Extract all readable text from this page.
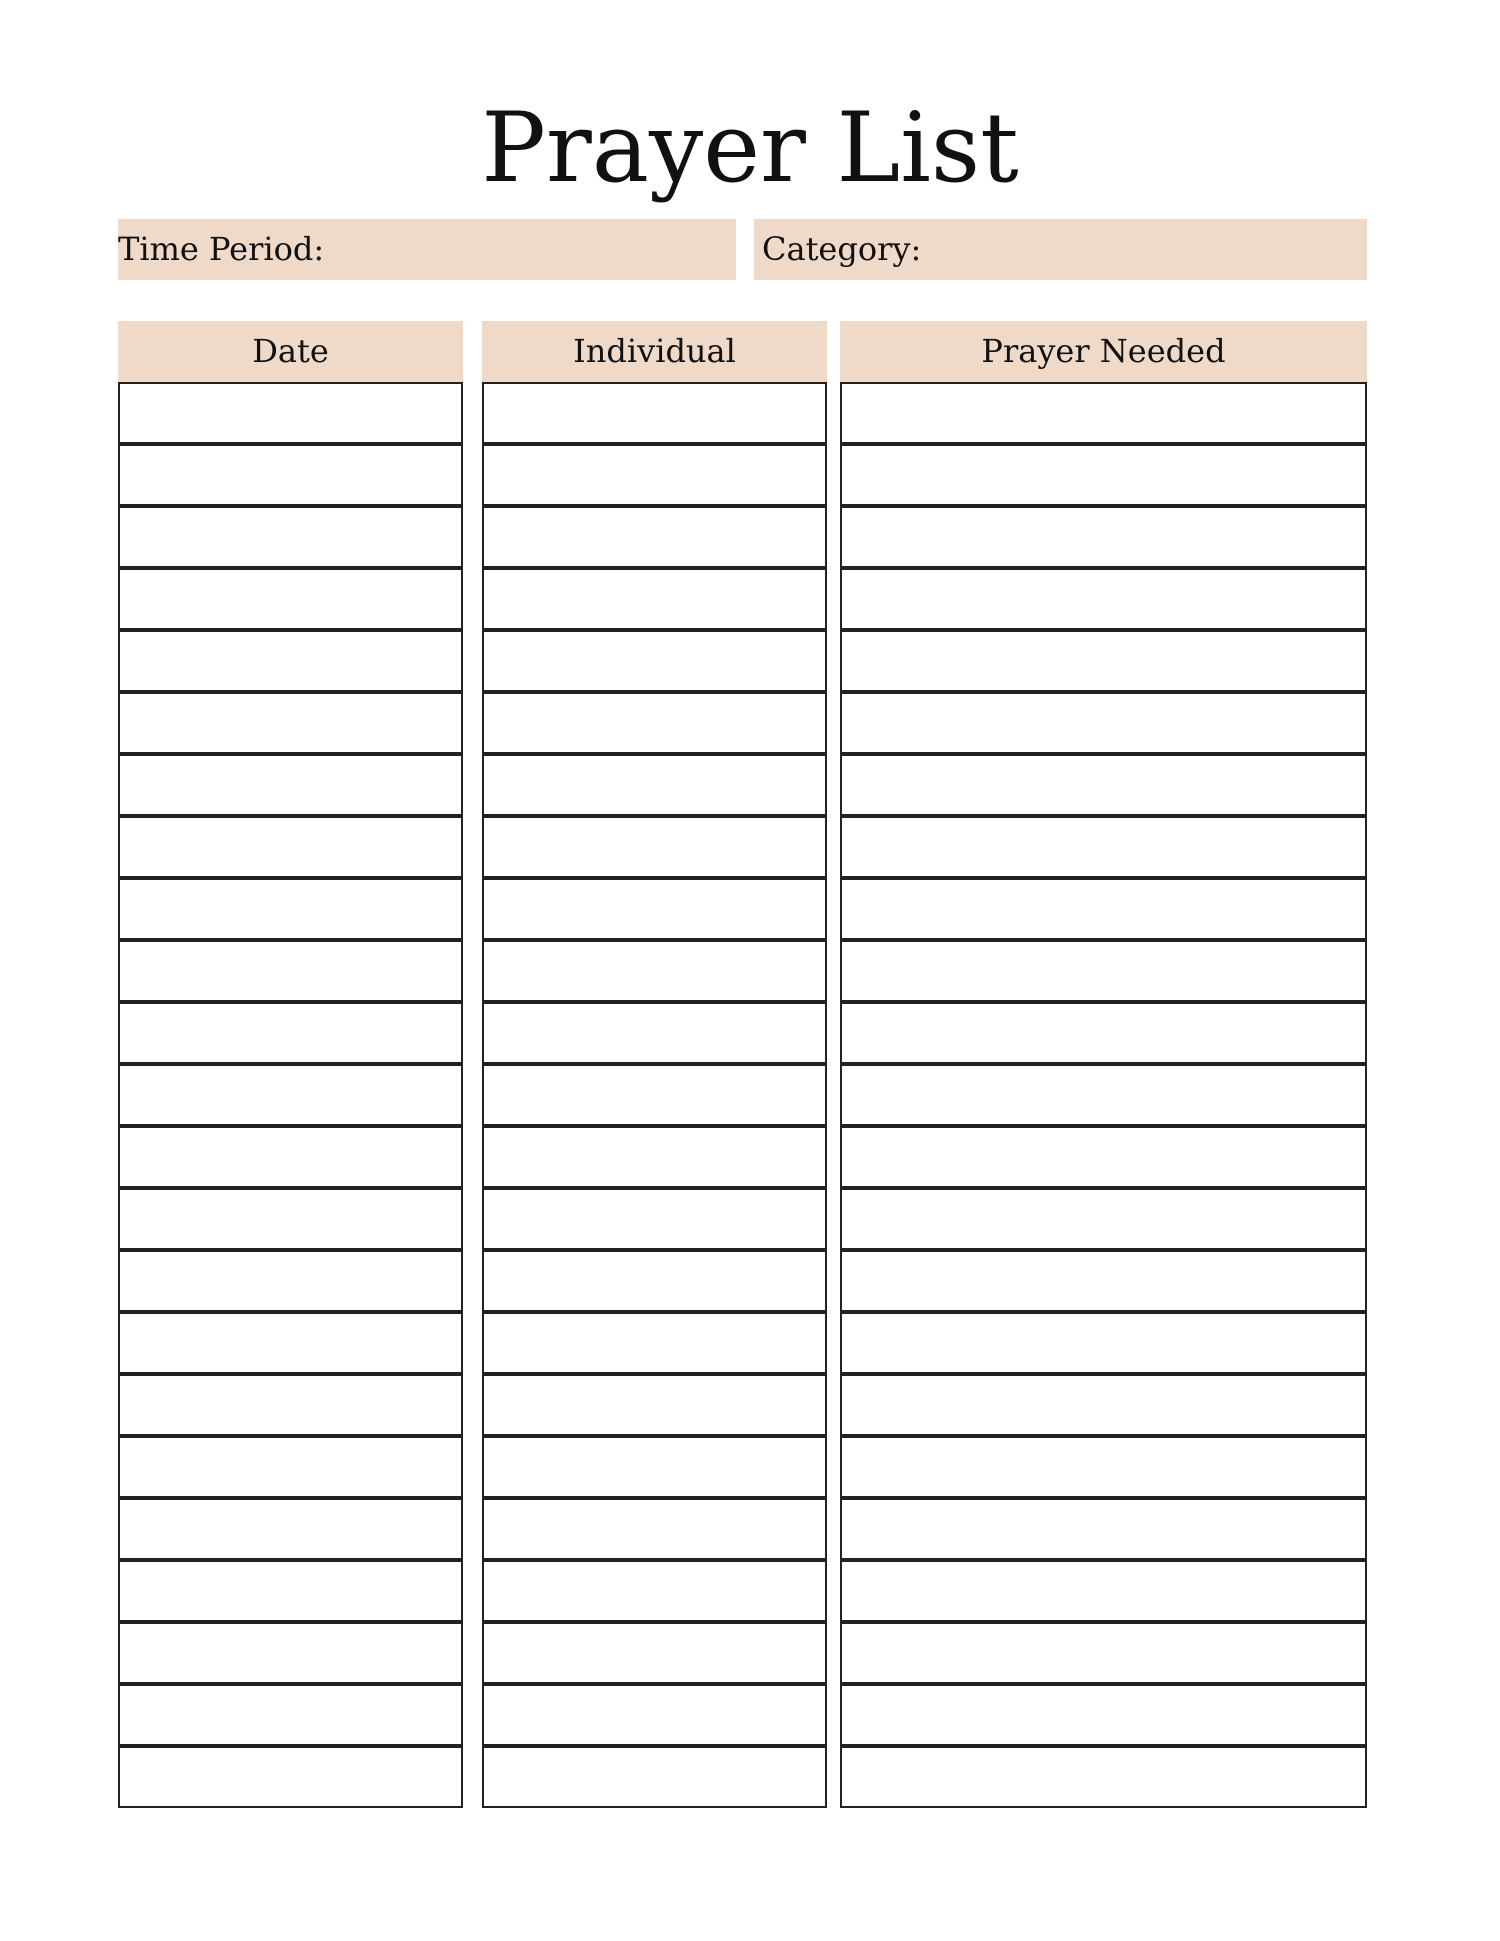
Prayer List
Time Period:	Category:
Date	Individual	Prayer Needed
